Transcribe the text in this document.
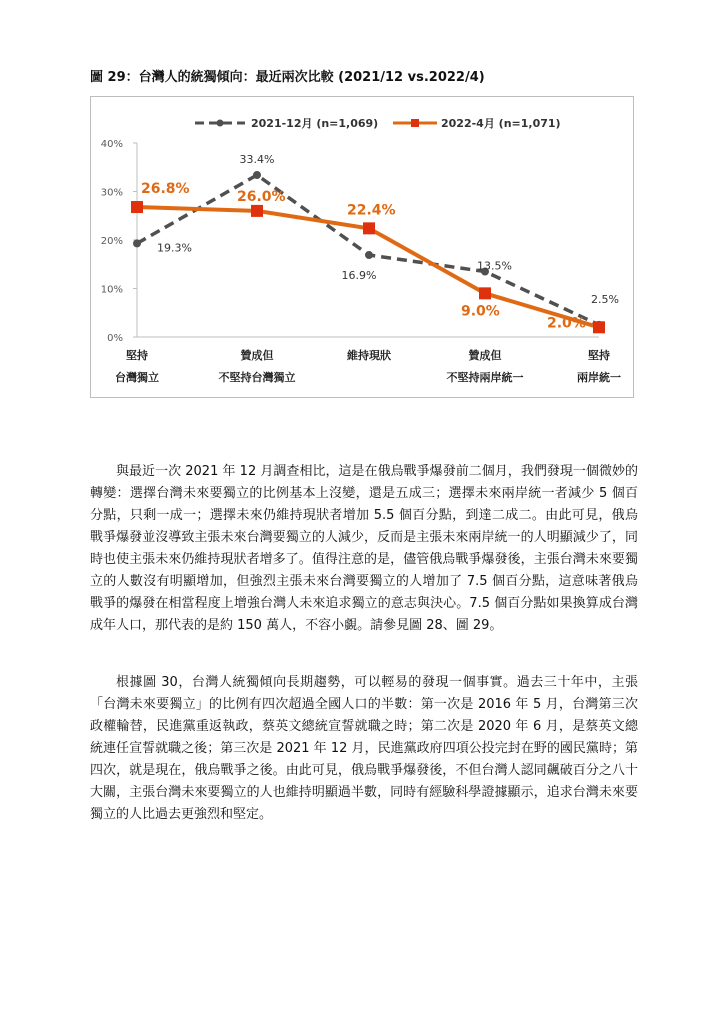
圖 29：台灣人的統獨傾向：最近兩次比較 (2021/12 vs.2022/4)
0%
10%
20%
30%
40%
堅持
台灣獨立
贊成但
不堅持台灣獨立
維持現狀	贊成但
不堅持兩岸統一
堅持
兩岸統一
2021-12月 (n=1,069)	2022-4月 (n=1,071)
19.3%
33.4%
16.9%
13.5%
2.5%
26.8%	26.0%
22.4%
9.0%
2.0%

與最近一次 2021 年 12 月調查相比，這是在俄烏戰爭爆發前二個月，我們發現一個微妙的轉變：選擇台灣未來要獨立的比例基本上沒變，還是五成三；選擇未來兩岸統一者減少 5 個百分點，只剩一成一；選擇未來仍維持現狀者增加 5.5 個百分點，到達二成二。由此可見，俄烏戰爭爆發並沒導致主張未來台灣要獨立的人減少，反而是主張未來兩岸統一的人明顯減少了，同時也使主張未來仍維持現狀者增多了。值得注意的是，儘管俄烏戰爭爆發後，主張台灣未來要獨立的人數沒有明顯增加，但強烈主張未來台灣要獨立的人增加了 7.5 個百分點，這意味著俄烏戰爭的爆發在相當程度上增強台灣人未來追求獨立的意志與決心。7.5 個百分點如果換算成台灣成年人口，那代表的是約 150 萬人，不容小覷。請參見圖 28、圖 29。

根據圖 30，台灣人統獨傾向長期趨勢，可以輕易的發現一個事實。過去三十年中，主張「台灣未來要獨立」的比例有四次超過全國人口的半數：第一次是 2016 年 5 月，台灣第三次政權輪替，民進黨重返執政，蔡英文總統宣誓就職之時；第二次是 2020 年 6 月，是蔡英文總統連任宣誓就職之後；第三次是 2021 年 12 月，民進黨政府四項公投完封在野的國民黨時；第四次，就是現在，俄烏戰爭之後。由此可見，俄烏戰爭爆發後，不但台灣人認同飆破百分之八十大關，主張台灣未來要獨立的人也維持明顯過半數，同時有經驗科學證據顯示，追求台灣未來要獨立的人比過去更強烈和堅定。
